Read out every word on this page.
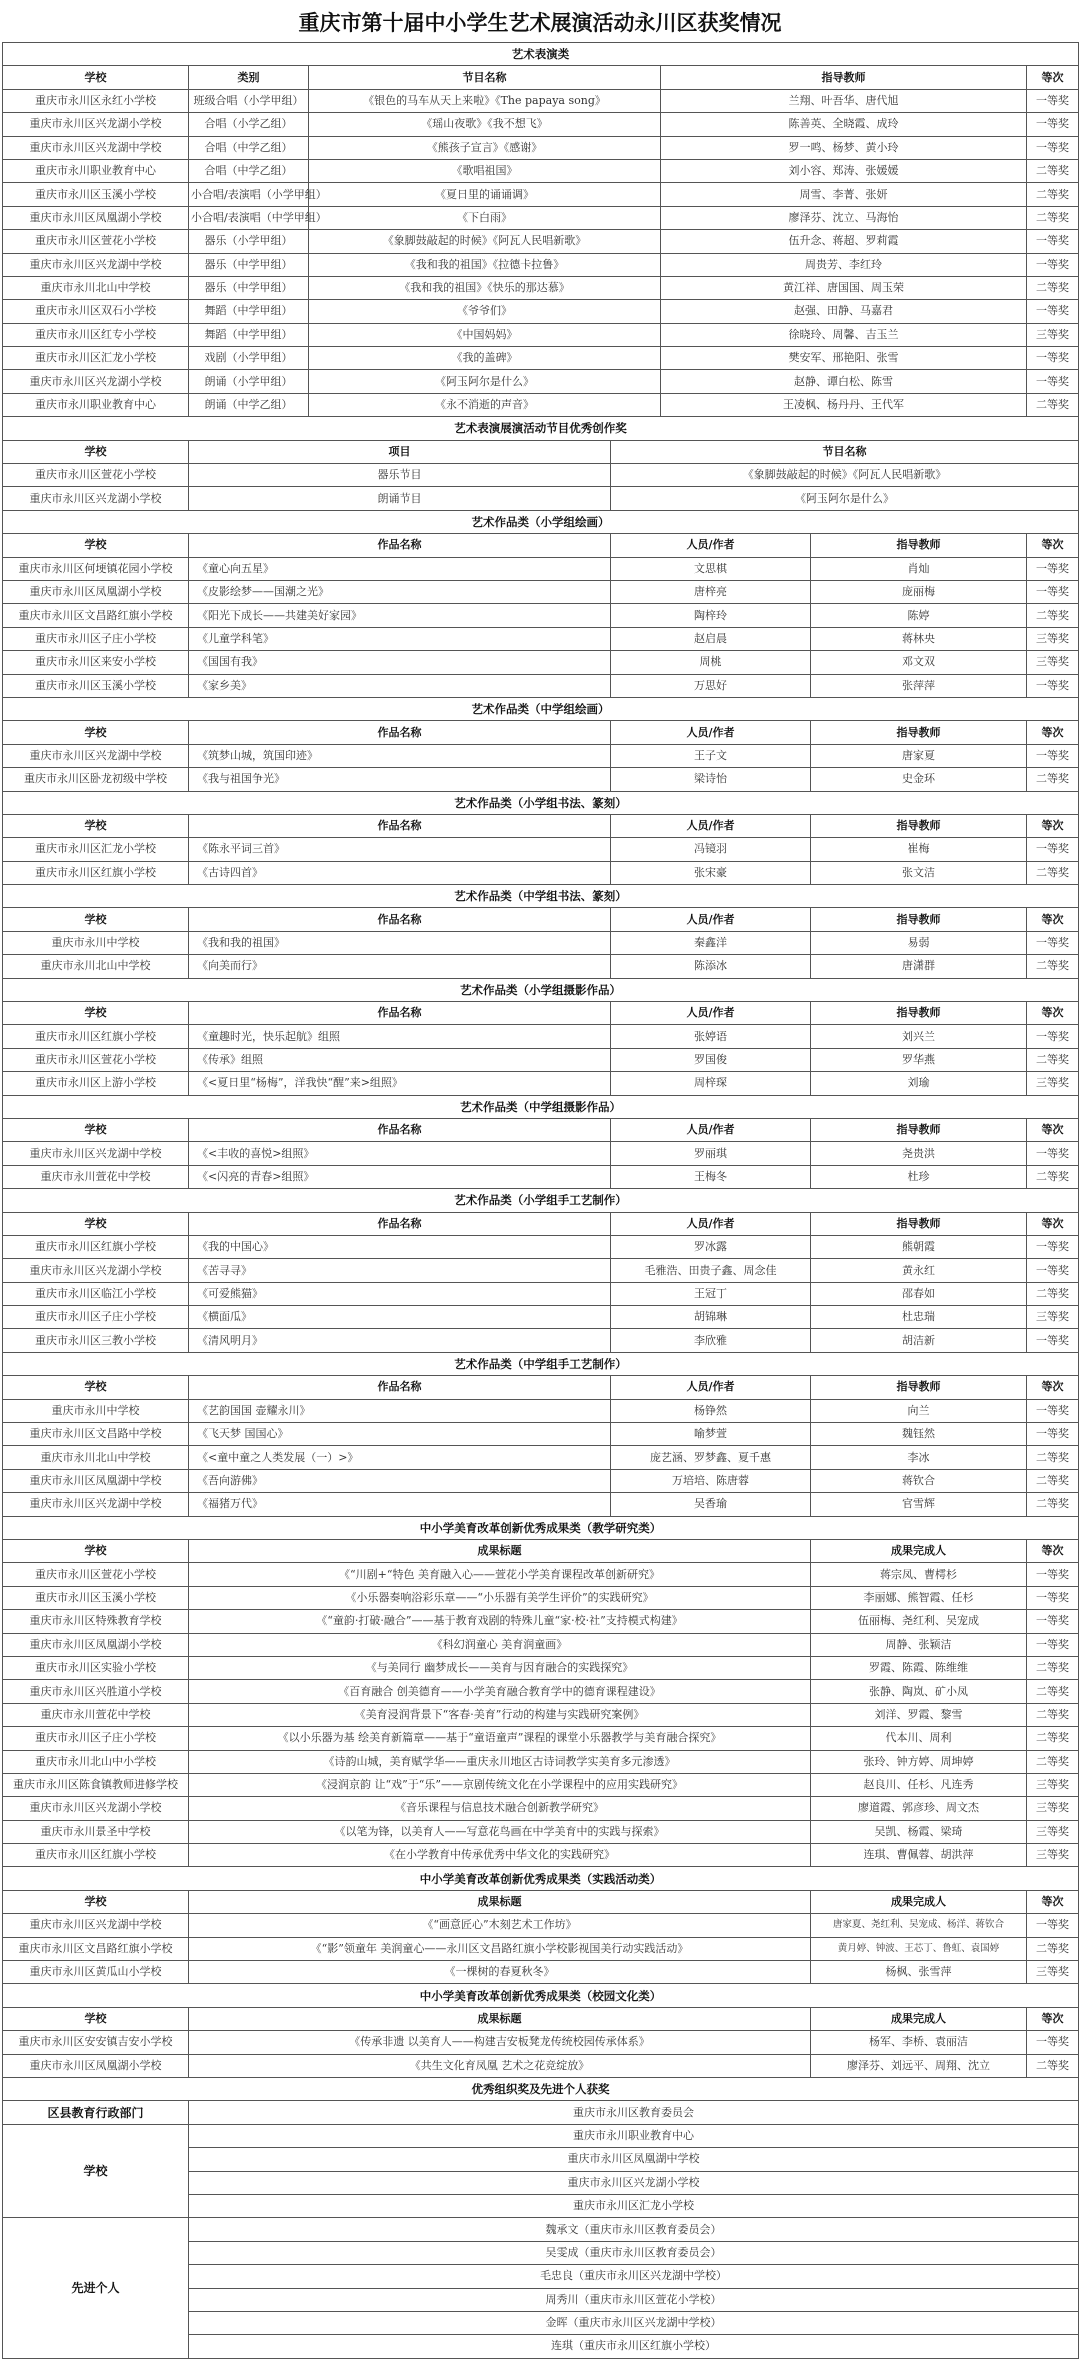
重庆市第十届中小学生艺术展演活动永川区获奖情况
艺术表演类						
学校	类别	节目名称		指导教师		等次
重庆市永川区永红小学校	班级合唱（小学甲组）	《银色的马车从天上来啦》《The papaya song》		兰翔、叶吾华、唐代旭		一等奖
重庆市永川区兴龙湖小学校	合唱（小学乙组）	《瑶山夜歌》《我不想飞》		陈善英、全晓霞、成玲		一等奖
重庆市永川区兴龙湖中学校	合唱（中学乙组）	《熊孩子宣言》《感谢》		罗一鸣、杨梦、黄小玲		一等奖
重庆市永川职业教育中心	合唱（中学乙组）	《歌唱祖国》		刘小容、郑涛、张媛媛		二等奖
重庆市永川区玉溪小学校	小合唱/表演唱（小学甲组）	《夏日里的诵诵调》		周雪、李菁、张妍		二等奖
重庆市永川区凤凰湖小学校	小合唱/表演唱（中学甲组）	《下白雨》		廖泽芬、沈立、马海怡		二等奖
重庆市永川区萱花小学校	器乐（小学甲组）	《象脚鼓敲起的时候》《阿瓦人民唱新歌》		伍升念、蒋超、罗莉霞		一等奖
重庆市永川区兴龙湖中学校	器乐（中学甲组）	《我和我的祖国》《拉德卡拉鲁》		周贵芳、李红玲		一等奖
重庆市永川北山中学校	器乐（中学甲组）	《我和我的祖国》《快乐的那达慕》		黄江祥、唐国国、周玉荣		二等奖
重庆市永川区双石小学校	舞蹈（中学甲组）	《爷爷们》		赵强、田静、马嘉君		一等奖
重庆市永川区红专小学校	舞蹈（中学甲组）	《中国妈妈》		徐晓玲、周馨、吉玉兰		三等奖
重庆市永川区汇龙小学校	戏剧（小学甲组）	《我的盖碑》		樊安军、邢艳阳、张雪		一等奖
重庆市永川区兴龙湖小学校	朗诵（小学甲组）	《阿玉阿尔是什么》		赵静、谭白松、陈雪		一等奖
重庆市永川职业教育中心	朗诵（中学乙组）	《永不消逝的声音》		王凌枫、杨丹丹、王代军		二等奖
艺术表演展演活动节目优秀创作奖						
学校	项目		节目名称			
重庆市永川区萱花小学校	器乐节目		《象脚鼓敲起的时候》《阿瓦人民唱新歌》			
重庆市永川区兴龙湖小学校	朗诵节目		《阿玉阿尔是什么》			
艺术作品类（小学组绘画）						
学校	作品名称		人员/作者		指导教师	等次
重庆市永川区何埂镇花园小学校	《童心向五星》		文思棋		肖灿	一等奖
重庆市永川区凤凰湖小学校	《皮影绘梦——国潮之光》		唐梓亮		庞丽梅	一等奖
重庆市永川区文昌路红旗小学校	《阳光下成长——共建美好家园》		陶梓玲		陈婷	二等奖
重庆市永川区子庄小学校	《儿童学科笔》		赵启晨		蒋林央	三等奖
重庆市永川区来安小学校	《国国有我》		周桃		邓文双	三等奖
重庆市永川区玉溪小学校	《家乡美》		万思好		张萍萍	一等奖
艺术作品类（中学组绘画）						
学校	作品名称		人员/作者		指导教师	等次
重庆市永川区兴龙湖中学校	《筑梦山城，筑国印迹》		王子文		唐家夏	一等奖
重庆市永川区卧龙初级中学校	《我与祖国争光》		梁诗怡		史金环	二等奖
艺术作品类（小学组书法、篆刻）						
学校	作品名称		人员/作者		指导教师	等次
重庆市永川区汇龙小学校	《陈永平词三首》		冯镜羽		崔梅	一等奖
重庆市永川区红旗小学校	《古诗四首》		张宋豪		张文洁	二等奖
艺术作品类（中学组书法、篆刻）						
学校	作品名称		人员/作者		指导教师	等次
重庆市永川中学校	《我和我的祖国》		秦鑫洋		易弱	一等奖
重庆市永川北山中学校	《向美而行》		陈添冰		唐潇群	二等奖
艺术作品类（小学组摄影作品）						
学校	作品名称		人员/作者		指导教师	等次
重庆市永川区红旗小学校	《童趣时光，快乐起航》组照		张婷语		刘兴兰	一等奖
重庆市永川区萱花小学校	《传承》组照		罗国俊		罗华燕	二等奖
重庆市永川区上游小学校	《<夏日里“杨梅”，洋我快“醒”来>组照》		周梓琛		刘瑜	三等奖
艺术作品类（中学组摄影作品）						
学校	作品名称		人员/作者		指导教师	等次
重庆市永川区兴龙湖中学校	《<丰收的喜悦>组照》		罗丽琪		尧贵洪	一等奖
重庆市永川萱花中学校	《<闪亮的青春>组照》		王梅冬		杜珍	二等奖
艺术作品类（小学组手工艺制作）						
学校	作品名称		人员/作者		指导教师	等次
重庆市永川区红旗小学校	《我的中国心》		罗冰露		熊朝霞	一等奖
重庆市永川区兴龙湖小学校	《苦寻寻》		毛雅浩、田贵子鑫、周念佳		黄永红	一等奖
重庆市永川区临江小学校	《可爱熊猫》		王冠丁		邵春如	二等奖
重庆市永川区子庄小学校	《横面瓜》		胡锦琳		杜忠瑞	三等奖
重庆市永川区三教小学校	《清风明月》		李欣雅		胡洁新	一等奖
艺术作品类（中学组手工艺制作）						
学校	作品名称		人员/作者		指导教师	等次
重庆市永川中学校	《艺韵国国 壶耀永川》		杨铮然		向兰	一等奖
重庆市永川区文昌路中学校	《飞天梦 国国心》		喻梦萱		魏钰然	一等奖
重庆市永川北山中学校	《<童中童之人类发展（一）>》		庞艺涵、罗梦鑫、夏千惠		李冰	二等奖
重庆市永川区凤凰湖中学校	《吾向游佛》		万培培、陈唐蓉		蒋钦合	二等奖
重庆市永川区兴龙湖中学校	《福猪万代》		吴香瑜		官雪辉	二等奖
中小学美育改革创新优秀成果类（教学研究类）						
学校	成果标题				成果完成人	等次
重庆市永川区萱花小学校	《“川剧+“特色 美育融入心——萱花小学美育课程改革创新研究》				蒋宗凤、曹樗杉	一等奖
重庆市永川区玉溪小学校	《小乐器奏响浴彩乐章——“小乐器有美学生评价”的实践研究》				李丽娜、熊智霞、任杉	一等奖
重庆市永川区特殊教育学校	《“童韵·打破·融合”——基于教育戏剧的特殊儿童“家·校·社”支持模式构建》				伍丽梅、尧红利、吴宠成	一等奖
重庆市永川区凤凰湖小学校	《科幻润童心 美育润童画》				周静、张颖洁	一等奖
重庆市永川区实验小学校	《与美同行 幽梦成长——美育与因育融合的实践探究》				罗霞、陈霞、陈维维	二等奖
重庆市永川区兴胜道小学校	《百育融合 创美德育——小学美育融合教育学中的德育课程建设》				张静、陶岚、矿小凤	二等奖
重庆市永川萱花中学校	《美育浸润背景下“客春·美育”行动的构建与实践研究案例》				刘洋、罗霞、黎雪	二等奖
重庆市永川区子庄小学校	《以小乐器为基 绘美育新篇章——基于“童语童声”课程的课堂小乐器教学与美育融合探究》				代本川、周利	二等奖
重庆市永川北山中小学校	《诗韵山城，美育赋学华——重庆永川地区古诗词教学实美育多元渗透》				张玲、钟方婷、周坤婷	二等奖
重庆市永川区陈食镇教师进修学校	《浸润京韵 让“戏”于“乐”——京剧传统文化在小学课程中的应用实践研究》				赵良川、任杉、凡连秀	三等奖
重庆市永川区兴龙湖小学校	《音乐课程与信息技术融合创新教学研究》				廖道霞、郭彦珍、周文杰	三等奖
重庆市永川景圣中学校	《以笔为锋，以美育人——写意花鸟画在中学美育中的实践与探索》				吴凯、杨霞、梁琦	三等奖
重庆市永川区红旗小学校	《在小学教育中传承优秀中华文化的实践研究》				连琪、曹佩蓉、胡洪萍	三等奖
中小学美育改革创新优秀成果类（实践活动类）						
学校	成果标题				成果完成人	等次
重庆市永川区兴龙湖中学校	《“画意匠心”木刻艺术工作坊》				唐家夏、尧红利、吴宠成、杨洋、蒋钦合	一等奖
重庆市永川区文昌路红旗小学校	《“影”领童年 美润童心——永川区文昌路红旗小学校影视国美行动实践活动》				黄月婷、钟波、王芯丁、鲁虹、袁国婷	二等奖
重庆市永川区黄瓜山小学校	《一棵树的春夏秋冬》				杨枫、张雪萍	三等奖
中小学美育改革创新优秀成果类（校园文化类）						
学校	成果标题				成果完成人	等次
重庆市永川区安安镇吉安小学校	《传承非遗 以美育人——构建吉安板凳龙传统校园传承体系》				杨军、李桥、袁丽洁	一等奖
重庆市永川区凤凰湖小学校	《共生文化育凤凰 艺术之花竞绽放》				廖泽芬、刘远平、周翔、沈立	二等奖
优秀组织奖及先进个人获奖						
区县教育行政部门	重庆市永川区教育委员会					
学校	重庆市永川职业教育中心					
	重庆市永川区凤凰湖中学校					
	重庆市永川区兴龙湖小学校					
	重庆市永川区汇龙小学校					
先进个人	魏承文（重庆市永川区教育委员会）					
	吴雯成（重庆市永川区教育委员会）					
	毛忠良（重庆市永川区兴龙湖中学校）					
	周秀川（重庆市永川区萱花小学校）					
	金晖（重庆市永川区兴龙湖中学校）					
	连琪（重庆市永川区红旗小学校）					
